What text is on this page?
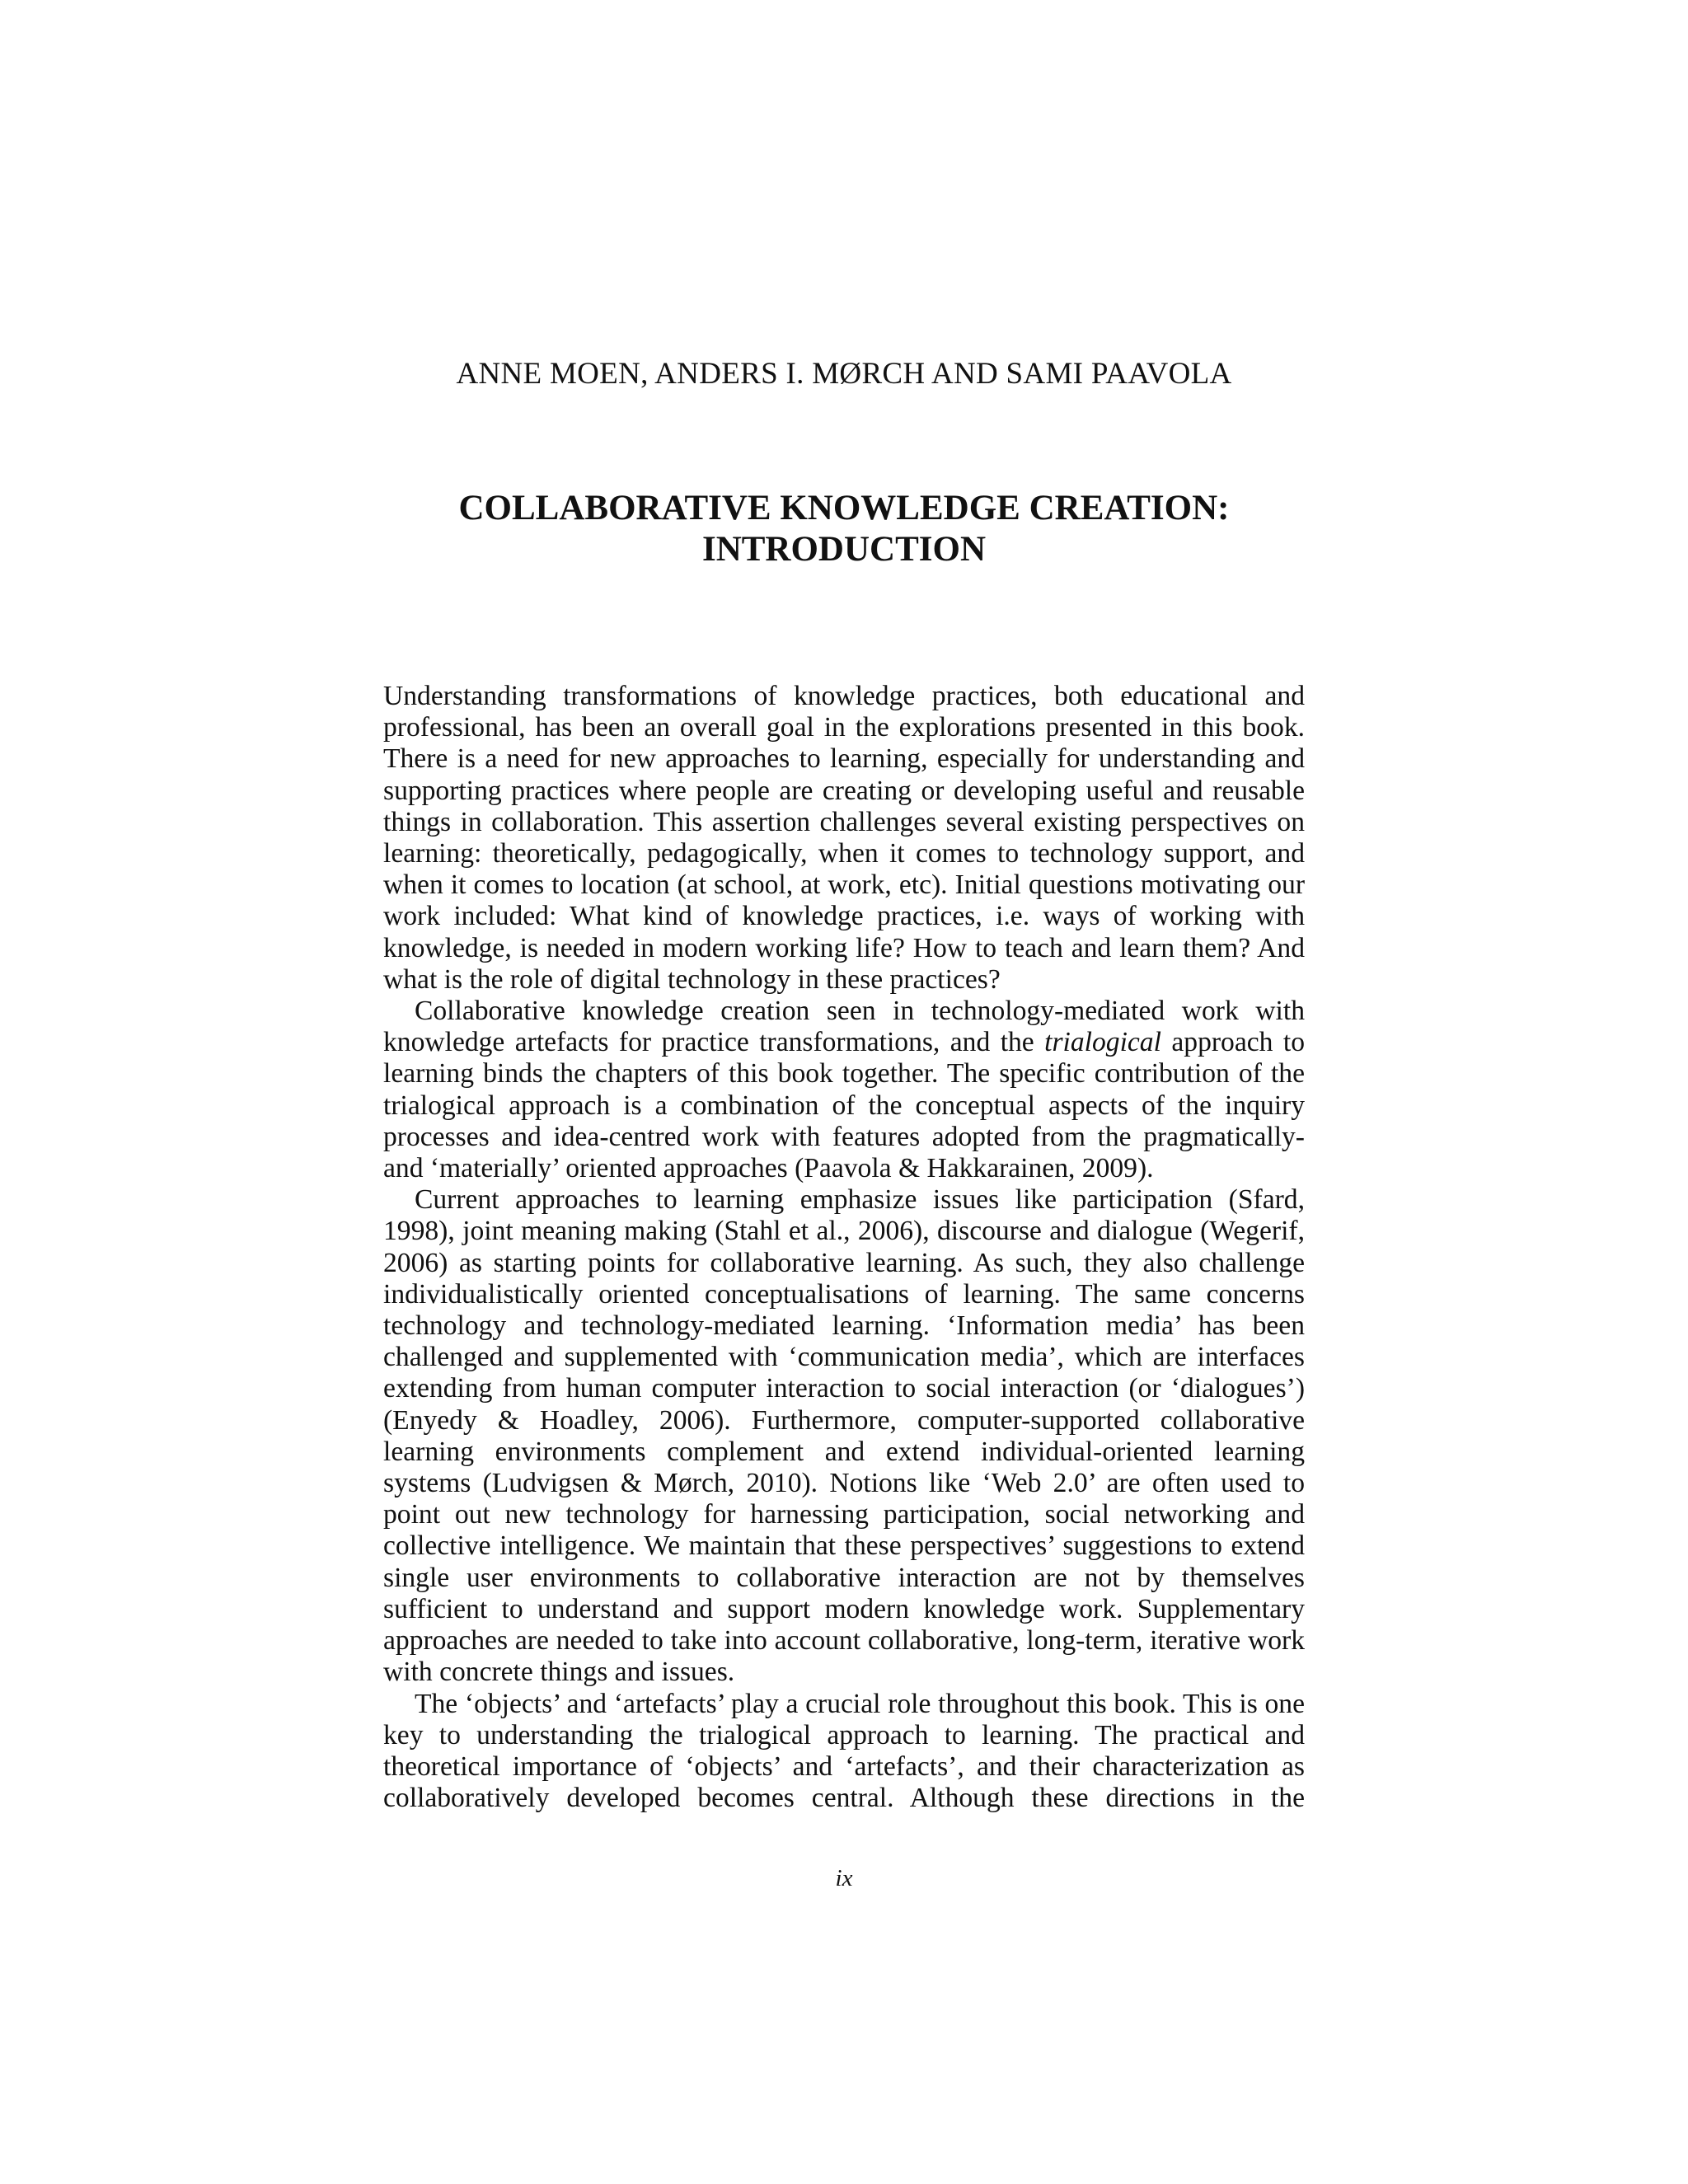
ANNE MOEN, ANDERS I. MØRCH AND SAMI PAAVOLA
COLLABORATIVE KNOWLEDGE CREATION:
INTRODUCTION

Understanding transformations of knowledge practices, both educational and professional, has been an overall goal in the explorations presented in this book. There is a need for new approaches to learning, especially for understanding and supporting practices where people are creating or developing useful and reusable things in collaboration. This assertion challenges several existing perspectives on learning: theoretically, pedagogically, when it comes to technology support, and when it comes to location (at school, at work, etc). Initial questions motivating our work included: What kind of knowledge practices, i.e. ways of working with knowledge, is needed in modern working life? How to teach and learn them? And what is the role of digital technology in these practices?

Collaborative knowledge creation seen in technology-mediated work with knowledge artefacts for practice transformations, and the trialogical approach to learning binds the chapters of this book together. The specific contribution of the trialogical approach is a combination of the conceptual aspects of the inquiry processes and idea-centred work with features adopted from the pragmatically- and ‘materially’ oriented approaches (Paavola & Hakkarainen, 2009).

Current approaches to learning emphasize issues like participation (Sfard, 1998), joint meaning making (Stahl et al., 2006), discourse and dialogue (Wegerif, 2006) as starting points for collaborative learning. As such, they also challenge individualistically oriented conceptualisations of learning. The same concerns technology and technology-mediated learning. ‘Information media’ has been challenged and supplemented with ‘communication media’, which are interfaces extending from human computer interaction to social interaction (or ‘dialogues’) (Enyedy & Hoadley, 2006). Furthermore, computer-supported collaborative learning environments complement and extend individual-oriented learning systems (Ludvigsen & Mørch, 2010). Notions like ‘Web 2.0’ are often used to point out new technology for harnessing participation, social networking and collective intelligence. We maintain that these perspectives’ suggestions to extend single user environments to collaborative interaction are not by themselves sufficient to understand and support modern knowledge work. Supplementary approaches are needed to take into account collaborative, long-term, iterative work with concrete things and issues.

The ‘objects’ and ‘artefacts’ play a crucial role throughout this book. This is one key to understanding the trialogical approach to learning. The practical and theoretical importance of ‘objects’ and ‘artefacts’, and their characterization as collaboratively developed becomes central. Although these directions in the

ix
